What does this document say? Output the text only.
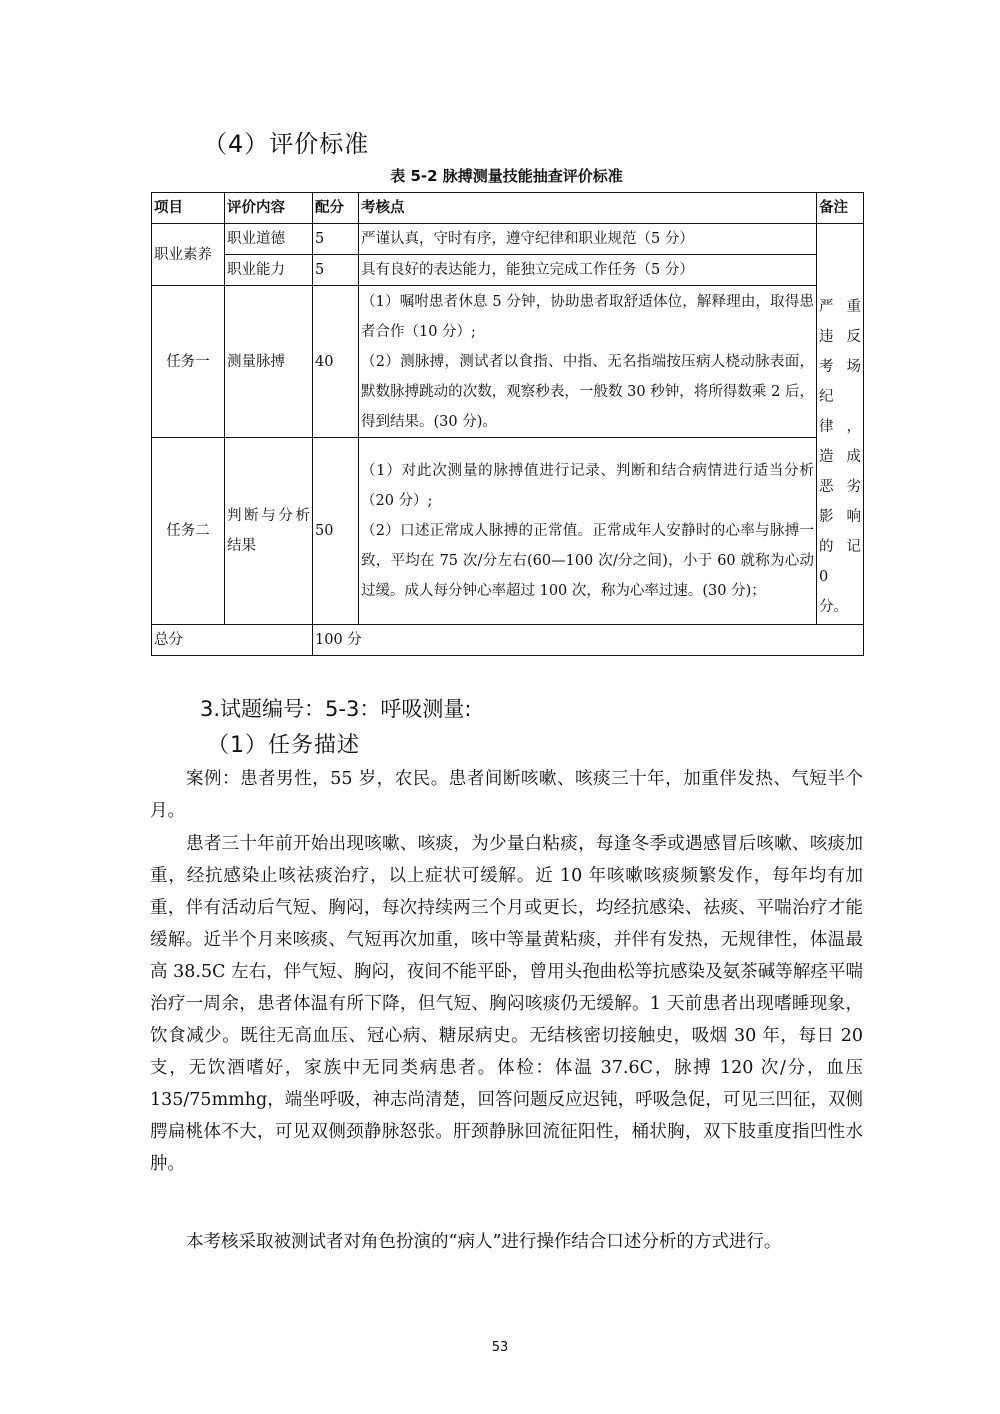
（4）评价标准
表 5-2 脉搏测量技能抽查评价标准
项目	评价内容	配分	考核点	备注
职业素养	职业道德	5	严谨认真，守时有序，遵守纪律和职业规范（5 分）	严重违反考场纪律，造成恶劣影响的记 0 分。
	职业能力	5	具有良好的表达能力，能独立完成工作任务（5 分）	
任务一	测量脉搏	40	（1）嘱咐患者休息 5 分钟，协助患者取舒适体位，解释理由，取得患者合作（10 分）;
（2）测脉搏，测试者以食指、中指、无名指端按压病人桡动脉表面，默数脉搏跳动的次数，观察秒表，一般数 30 秒钟，将所得数乘 2 后，得到结果。(30 分)。	

任务二	判断与分析结果	50	（1）对此次测量的脉搏值进行记录、判断和结合病情进行适当分析（20 分）;
（2）口述正常成人脉搏的正常值。正常成年人安静时的心率与脉搏一致，平均在 75 次/分左右(60—100 次/分之间)，小于 60 就称为心动过缓。成人每分钟心率超过 100 次，称为心率过速。(30 分)；	

总分		100 分		
3.试题编号：5-3：呼吸测量:
（1）任务描述
案例：患者男性，55 岁，农民。患者间断咳嗽、咳痰三十年，加重伴发热、气短半个月。
患者三十年前开始出现咳嗽、咳痰，为少量白粘痰，每逢冬季或遇感冒后咳嗽、咳痰加重，经抗感染止咳祛痰治疗，以上症状可缓解。近 10 年咳嗽咳痰频繁发作，每年均有加重，伴有活动后气短、胸闷，每次持续两三个月或更长，均经抗感染、祛痰、平喘治疗才能缓解。近半个月来咳痰、气短再次加重，咳中等量黄粘痰，并伴有发热，无规律性，体温最高 38.5C 左右，伴气短、胸闷，夜间不能平卧，曾用头孢曲松等抗感染及氨茶碱等解痉平喘治疗一周余，患者体温有所下降，但气短、胸闷咳痰仍无缓解。1 天前患者出现嗜睡现象，饮食减少。既往无高血压、冠心病、糖尿病史。无结核密切接触史，吸烟 30 年，每日 20 支，无饮酒嗜好，家族中无同类病患者。体检：体温 37.6C，脉搏 120 次/分，血压 135/75mmhg，端坐呼吸，神志尚清楚，回答问题反应迟钝，呼吸急促，可见三凹征，双侧腭扁桃体不大，可见双侧颈静脉怒张。肝颈静脉回流征阳性，桶状胸，双下肢重度指凹性水肿。
本考核采取被测试者对角色扮演的“病人”进行操作结合口述分析的方式进行。
53
